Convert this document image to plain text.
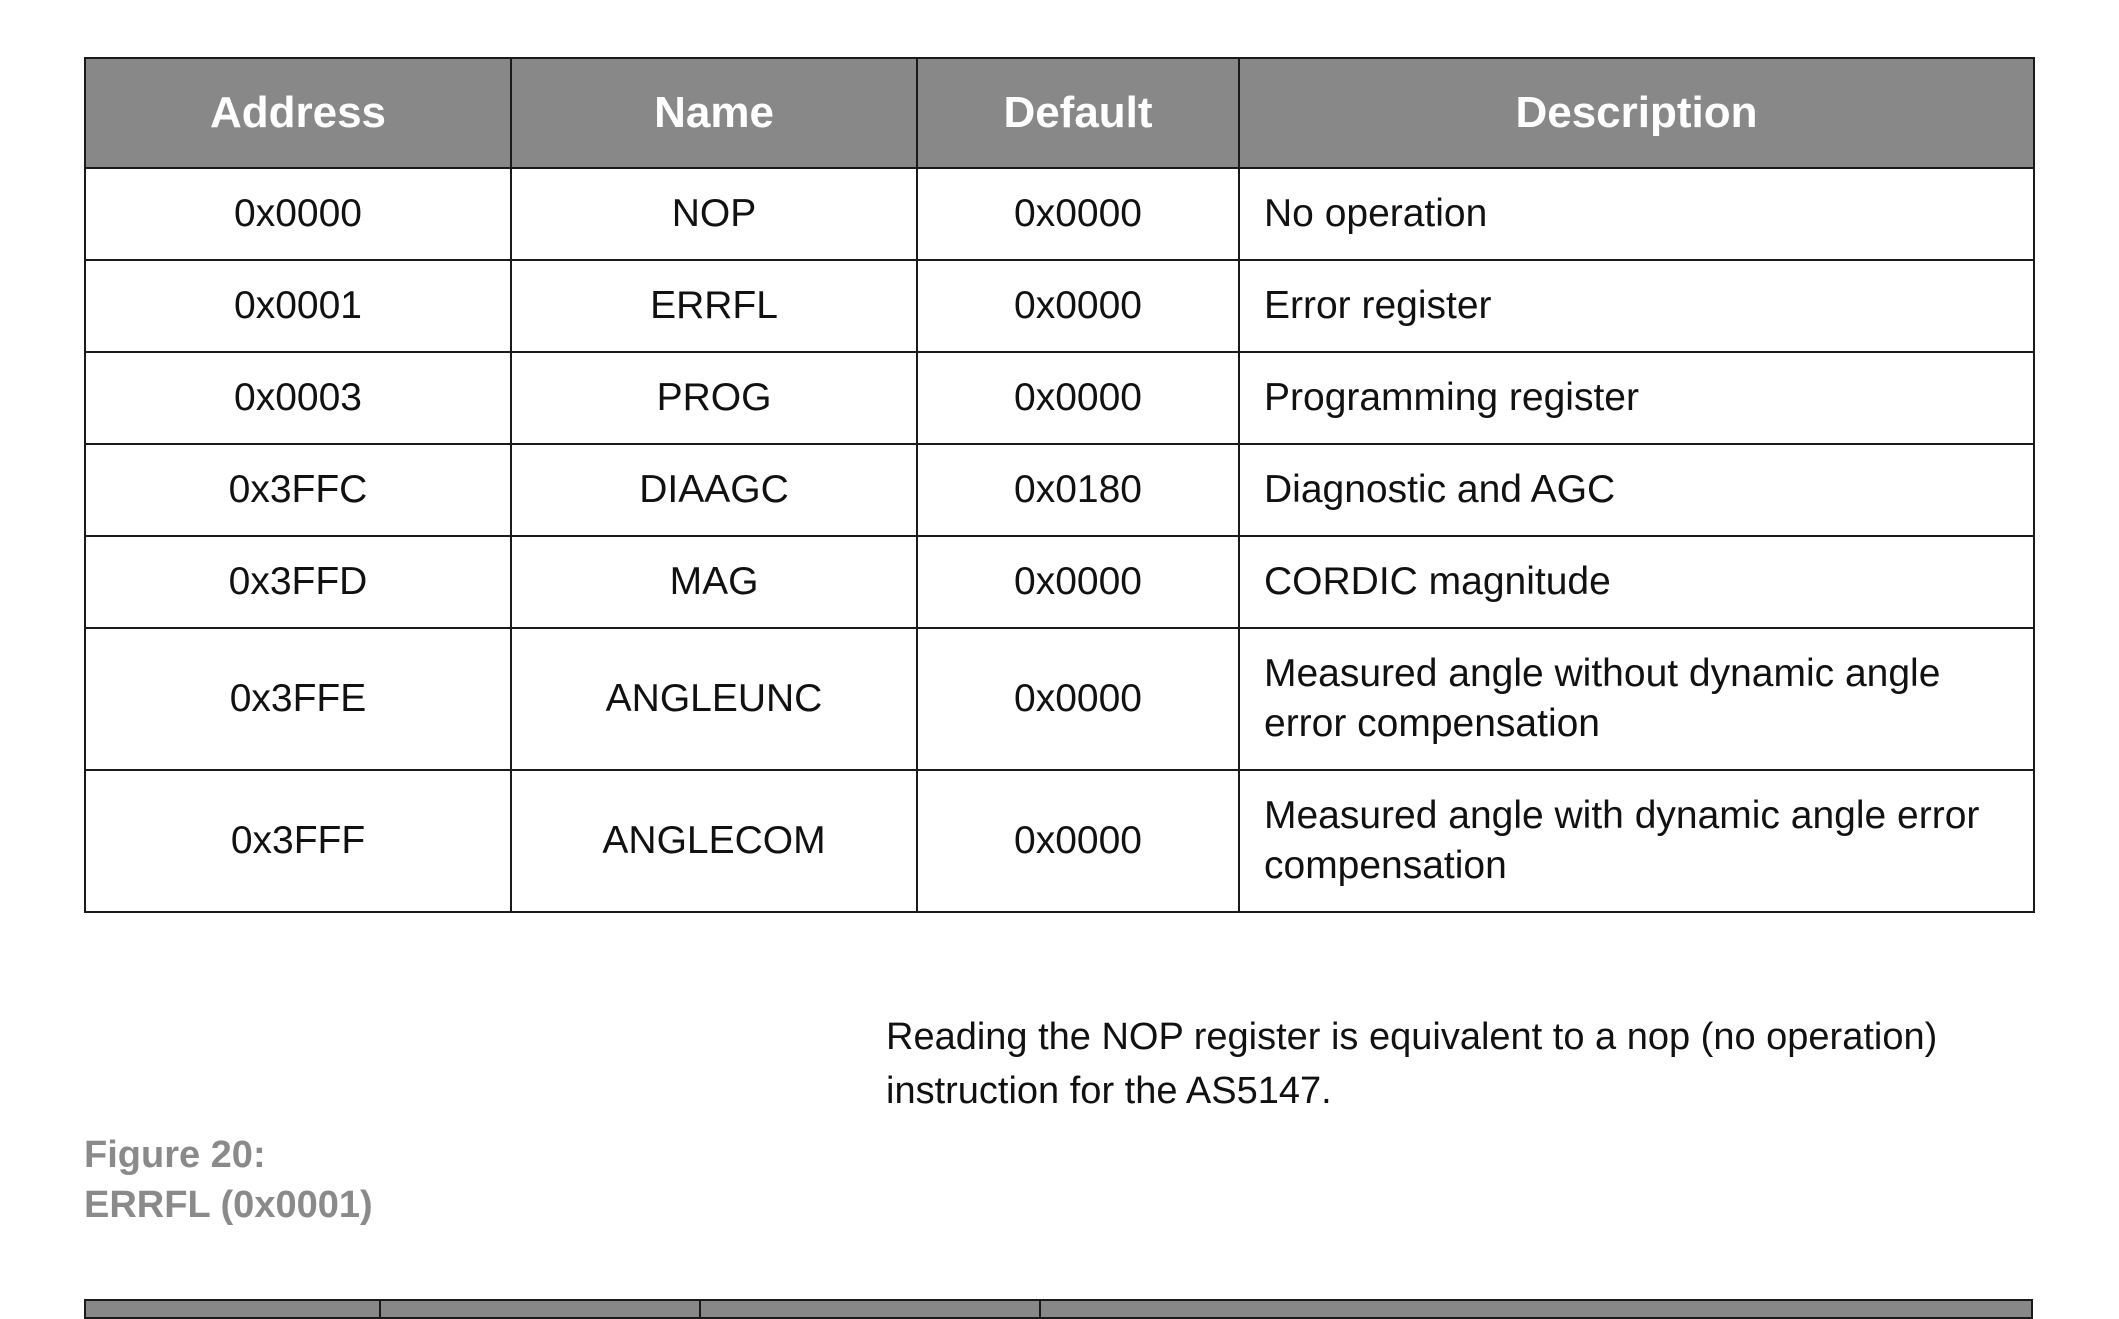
Address	Name	Default	Description
0x0000	NOP	0x0000	No operation
0x0001	ERRFL	0x0000	Error register
0x0003	PROG	0x0000	Programming register
0x3FFC	DIAAGC	0x0180	Diagnostic and AGC
0x3FFD	MAG	0x0000	CORDIC magnitude
0x3FFE	ANGLEUNC	0x0000	Measured angle without dynamic angle error compensation
0x3FFF	ANGLECOM	0x0000	Measured angle with dynamic angle error compensation

Reading the NOP register is equivalent to a nop (no operation) instruction for the AS5147.

Figure 20:
ERRFL (0x0001)
